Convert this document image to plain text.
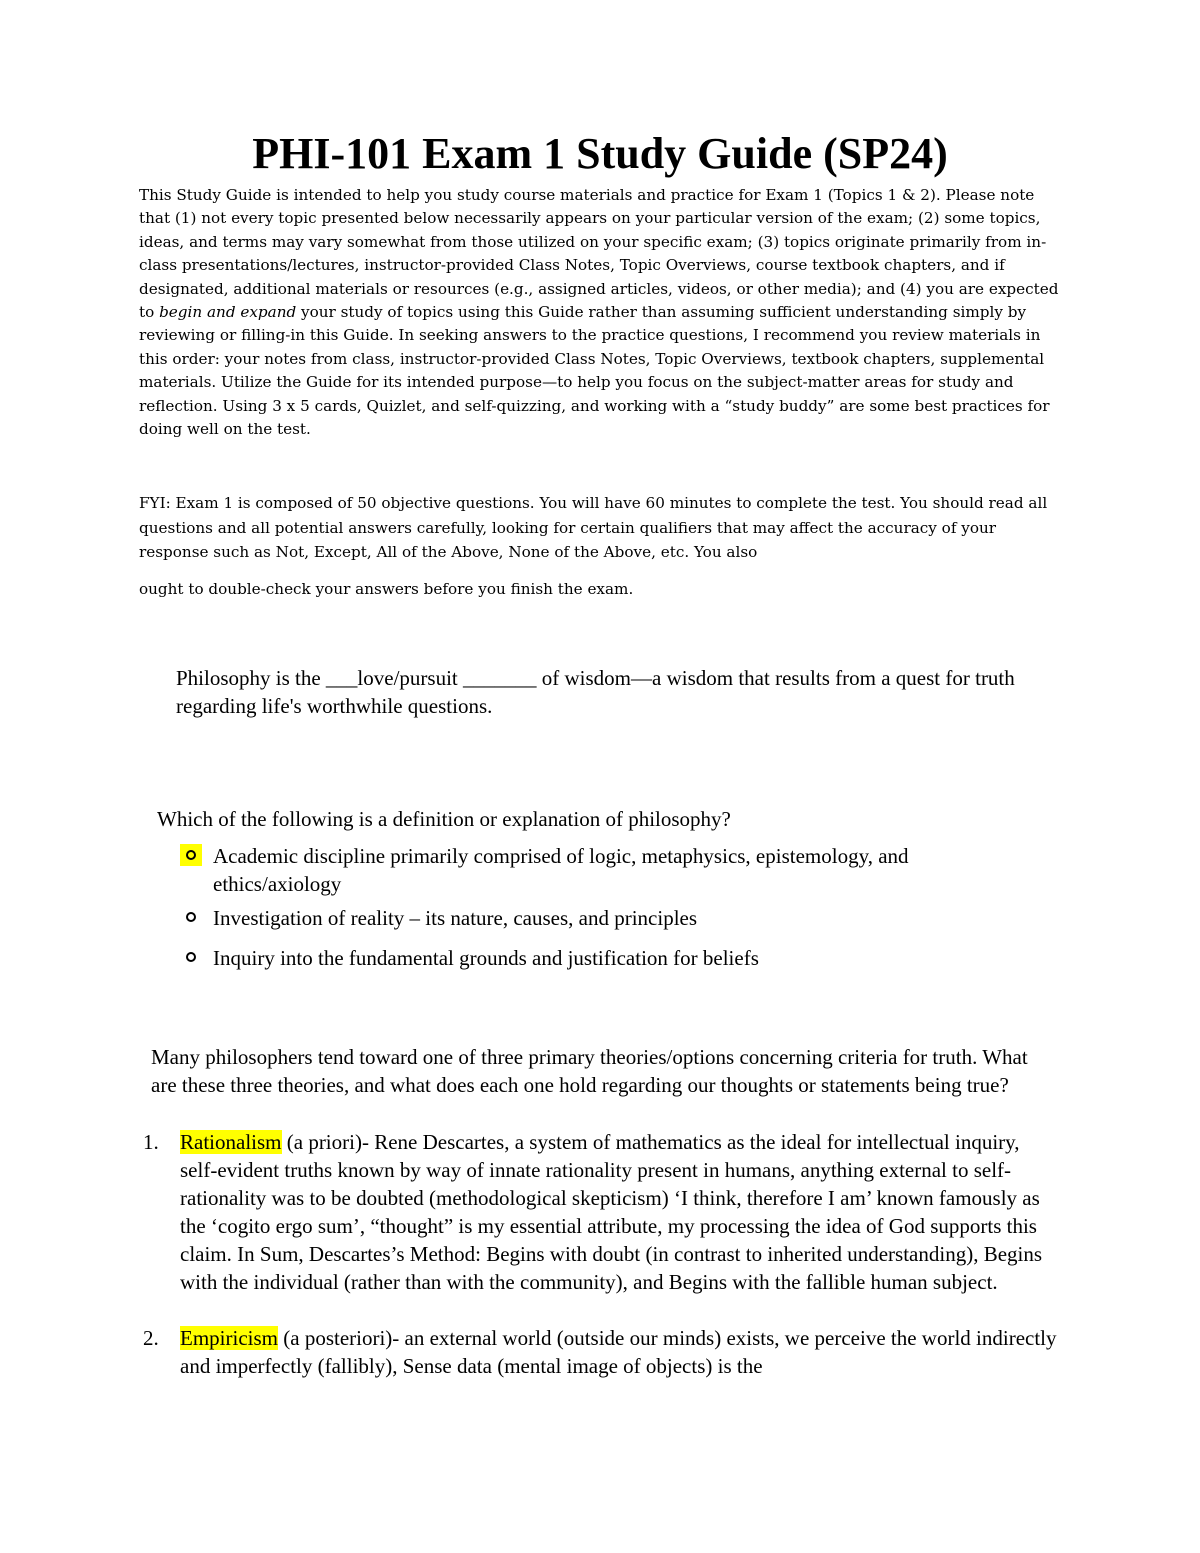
PHI-101 Exam 1 Study Guide (SP24)

This Study Guide is intended to help you study course materials and practice for Exam 1 (Topics 1 & 2). Please note that (1) not every topic presented below necessarily appears on your particular version of the exam; (2) some topics, ideas, and terms may vary somewhat from those utilized on your specific exam; (3) topics originate primarily from in-class presentations/lectures, instructor-provided Class Notes, Topic Overviews, course textbook chapters, and if designated, additional materials or resources (e.g., assigned articles, videos, or other media); and (4) you are expected to begin and expand your study of topics using this Guide rather than assuming sufficient understanding simply by reviewing or filling-in this Guide. In seeking answers to the practice questions, I recommend you review materials in this order: your notes from class, instructor-provided Class Notes, Topic Overviews, textbook chapters, supplemental materials. Utilize the Guide for its intended purpose—to help you focus on the subject-matter areas for study and reflection. Using 3 x 5 cards, Quizlet, and self-quizzing, and working with a “study buddy” are some best practices for doing well on the test.

FYI: Exam 1 is composed of 50 objective questions. You will have 60 minutes to complete the test. You should read all questions and all potential answers carefully, looking for certain qualifiers that may affect the accuracy of your response such as Not, Except, All of the Above, None of the Above, etc. You also

ought to double-check your answers before you finish the exam.

Philosophy is the ___love/pursuit _______ of wisdom—a wisdom that results from a quest for truth regarding life's worthwhile questions.

Which of the following is a definition or explanation of philosophy?

Academic discipline primarily comprised of logic, metaphysics, epistemology, and ethics/axiology
Investigation of reality – its nature, causes, and principles
Inquiry into the fundamental grounds and justification for beliefs

Many philosophers tend toward one of three primary theories/options concerning criteria for truth. What are these three theories, and what does each one hold regarding our thoughts or statements being true?

1. Rationalism (a priori)- Rene Descartes, a system of mathematics as the ideal for intellectual inquiry, self-evident truths known by way of innate rationality present in humans, anything external to self-rationality was to be doubted (methodological skepticism) ‘I think, therefore I am’ known famously as the ‘cogito ergo sum’, “thought” is my essential attribute, my processing the idea of God supports this claim. In Sum, Descartes’s Method: Begins with doubt (in contrast to inherited understanding), Begins with the individual (rather than with the community), and Begins with the fallible human subject.
2. Empiricism (a posteriori)- an external world (outside our minds) exists, we perceive the world indirectly and imperfectly (fallibly), Sense data (mental image of objects) is the
